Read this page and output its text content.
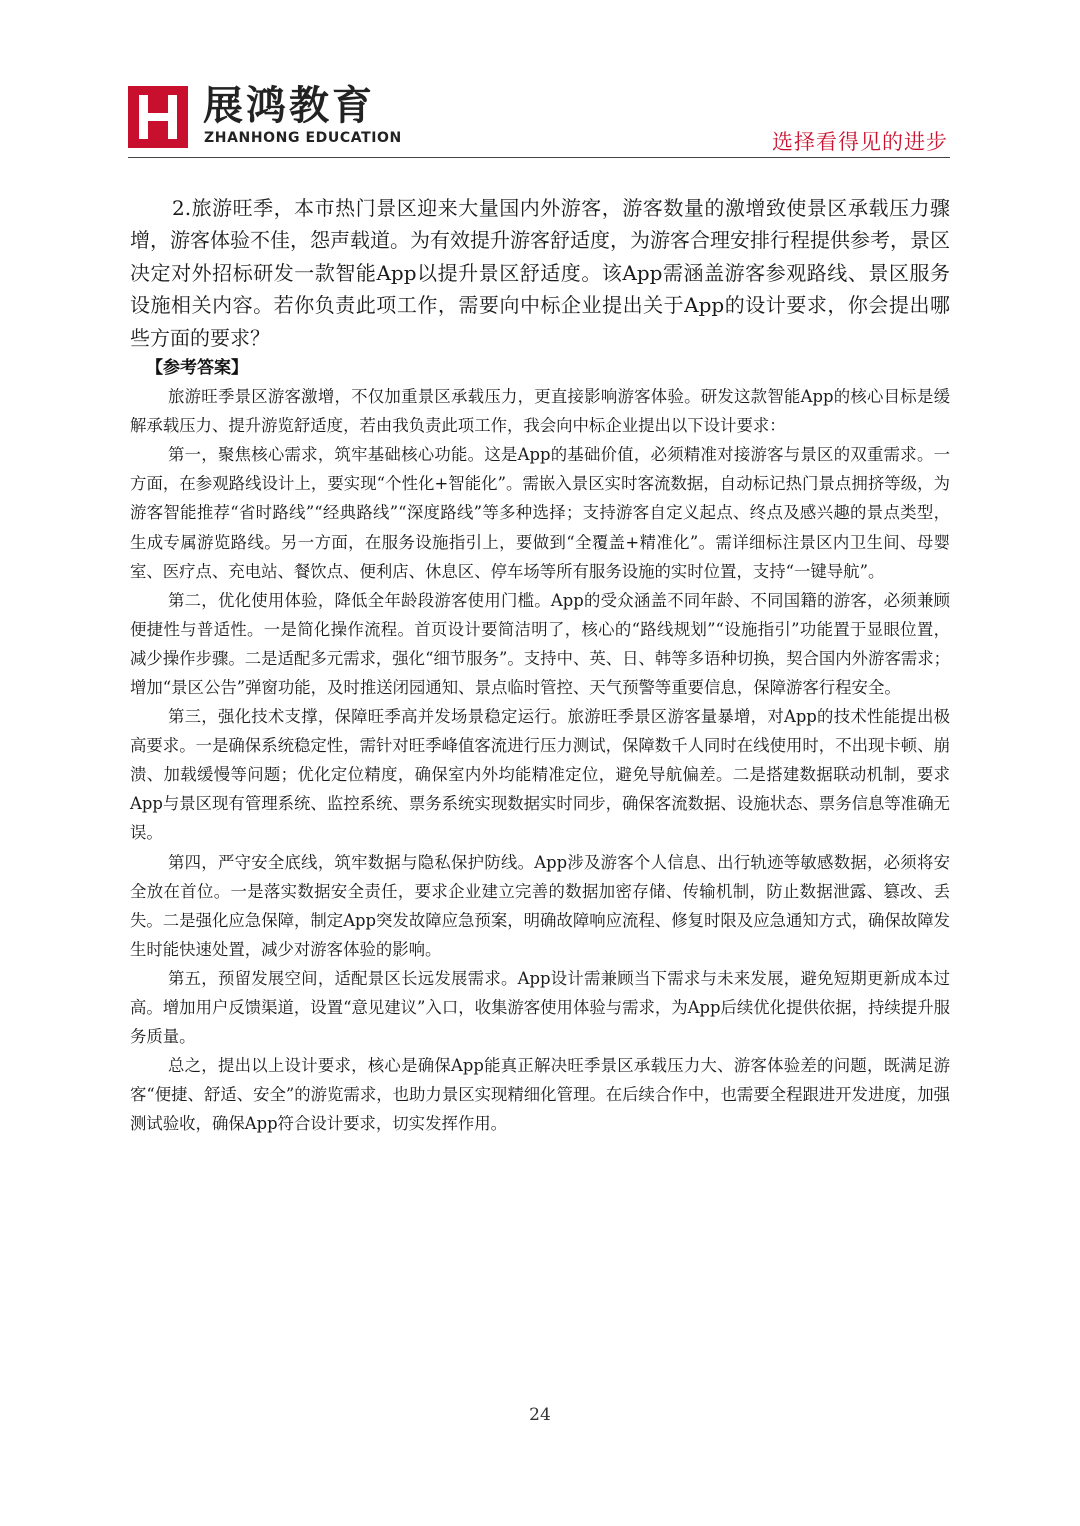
展鸿教育
ZHANHONG EDUCATION	选择看得见的进步

2.旅游旺季，本市热门景区迎来大量国内外游客，游客数量的激增致使景区承载压力骤增，游客体验不佳，怨声载道。为有效提升游客舒适度，为游客合理安排行程提供参考，景区决定对外招标研发一款智能App以提升景区舒适度。该App需涵盖游客参观路线、景区服务设施相关内容。若你负责此项工作，需要向中标企业提出关于App的设计要求，你会提出哪些方面的要求？

【参考答案】

旅游旺季景区游客激增，不仅加重景区承载压力，更直接影响游客体验。研发这款智能App的核心目标是缓解承载压力、提升游览舒适度，若由我负责此项工作，我会向中标企业提出以下设计要求：

第一，聚焦核心需求，筑牢基础核心功能。这是App的基础价值，必须精准对接游客与景区的双重需求。一方面，在参观路线设计上，要实现“个性化+智能化”。需嵌入景区实时客流数据，自动标记热门景点拥挤等级，为游客智能推荐“省时路线”“经典路线”“深度路线”等多种选择；支持游客自定义起点、终点及感兴趣的景点类型，生成专属游览路线。另一方面，在服务设施指引上，要做到“全覆盖+精准化”。需详细标注景区内卫生间、母婴室、医疗点、充电站、餐饮点、便利店、休息区、停车场等所有服务设施的实时位置，支持“一键导航”。

第二，优化使用体验，降低全年龄段游客使用门槛。App的受众涵盖不同年龄、不同国籍的游客，必须兼顾便捷性与普适性。一是简化操作流程。首页设计要简洁明了，核心的“路线规划”“设施指引”功能置于显眼位置，减少操作步骤。二是适配多元需求，强化“细节服务”。支持中、英、日、韩等多语种切换，契合国内外游客需求；增加“景区公告”弹窗功能，及时推送闭园通知、景点临时管控、天气预警等重要信息，保障游客行程安全。

第三，强化技术支撑，保障旺季高并发场景稳定运行。旅游旺季景区游客量暴增，对App的技术性能提出极高要求。一是确保系统稳定性，需针对旺季峰值客流进行压力测试，保障数千人同时在线使用时，不出现卡顿、崩溃、加载缓慢等问题；优化定位精度，确保室内外均能精准定位，避免导航偏差。二是搭建数据联动机制，要求App与景区现有管理系统、监控系统、票务系统实现数据实时同步，确保客流数据、设施状态、票务信息等准确无误。

第四，严守安全底线，筑牢数据与隐私保护防线。App涉及游客个人信息、出行轨迹等敏感数据，必须将安全放在首位。一是落实数据安全责任，要求企业建立完善的数据加密存储、传输机制，防止数据泄露、篡改、丢失。二是强化应急保障，制定App突发故障应急预案，明确故障响应流程、修复时限及应急通知方式，确保故障发生时能快速处置，减少对游客体验的影响。

第五，预留发展空间，适配景区长远发展需求。App设计需兼顾当下需求与未来发展，避免短期更新成本过高。增加用户反馈渠道，设置“意见建议”入口，收集游客使用体验与需求，为App后续优化提供依据，持续提升服务质量。

总之，提出以上设计要求，核心是确保App能真正解决旺季景区承载压力大、游客体验差的问题，既满足游客“便捷、舒适、安全”的游览需求，也助力景区实现精细化管理。在后续合作中，也需要全程跟进开发进度，加强测试验收，确保App符合设计要求，切实发挥作用。

24
